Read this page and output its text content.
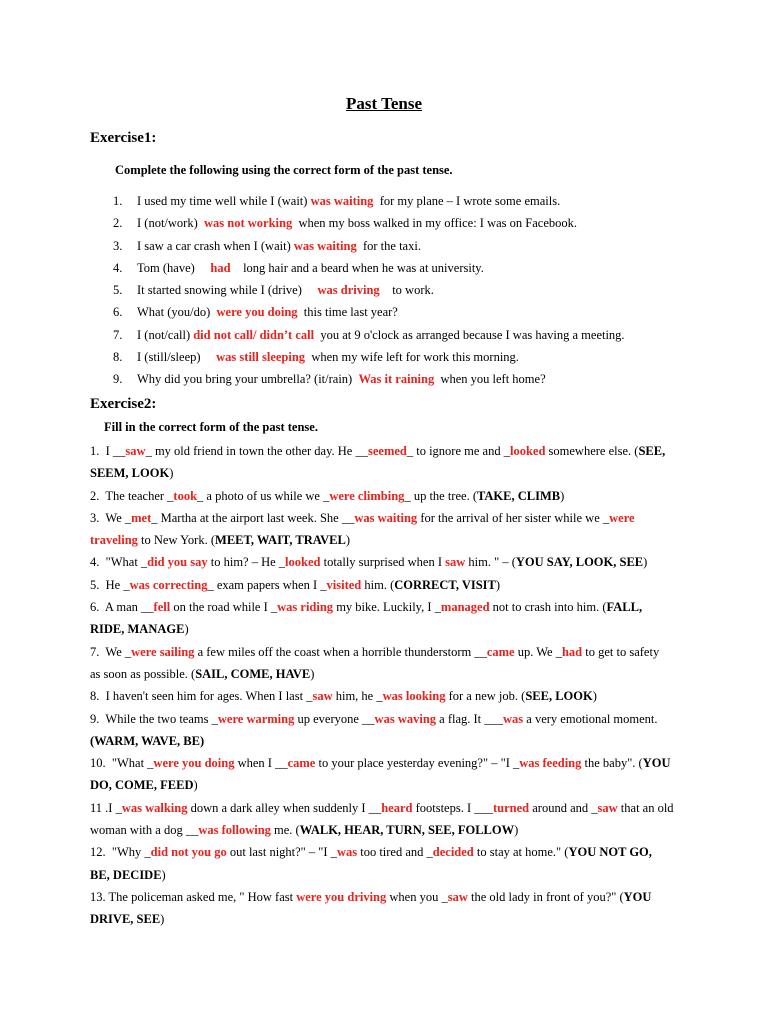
Past Tense
Exercise1:
Complete the following using the correct form of the past tense.
1. I used my time well while I (wait) was waiting  for my plane – I wrote some emails.
2. I (not/work)  was not working  when my boss walked in my office: I was on Facebook.
3. I saw a car crash when I (wait) was waiting  for the taxi.
4. Tom (have)     had    long hair and a beard when he was at university.
5. It started snowing while I (drive)     was driving    to work.
6. What (you/do)  were you doing  this time last year?
7. I (not/call) did not call/ didn’t call  you at 9 o'clock as arranged because I was having a meeting.
8. I (still/sleep)     was still sleeping  when my wife left for work this morning.
9. Why did you bring your umbrella? (it/rain)  Was it raining  when you left home?
Exercise2:
Fill in the correct form of the past tense.

1.  I __saw_ my old friend in town the other day. He __seemed_ to ignore me and _looked somewhere else. (SEE,

SEEM, LOOK)

2.  The teacher _took_ a photo of us while we _were climbing_ up the tree. (TAKE, CLIMB)

3.  We _met_ Martha at the airport last week. She __was waiting for the arrival of her sister while we _were

traveling to New York. (MEET, WAIT, TRAVEL)

4.  "What _did you say to him? – He _looked totally surprised when I saw him. " – (YOU SAY, LOOK, SEE)

5.  He _was correcting_ exam papers when I _visited him. (CORRECT, VISIT)

6.  A man __fell on the road while I _was riding my bike. Luckily, I _managed not to crash into him. (FALL,

RIDE, MANAGE)

7.  We _were sailing a few miles off the coast when a horrible thunderstorm __came up. We _had to get to safety

as soon as possible. (SAIL, COME, HAVE)

8.  I haven't seen him for ages. When I last _saw him, he _was looking for a new job. (SEE, LOOK)

9.  While the two teams _were warming up everyone __was waving a flag. It ___was a very emotional moment.

(WARM, WAVE, BE)

10.  "What _were you doing when I __came to your place yesterday evening?" – "I _was feeding the baby". (YOU

DO, COME, FEED)

11 .I _was walking down a dark alley when suddenly I __heard footsteps. I ___turned around and _saw that an old

woman with a dog __was following me. (WALK, HEAR, TURN, SEE, FOLLOW)

12.  "Why _did not you go out last night?" – "I _was too tired and _decided to stay at home." (YOU NOT GO,

BE, DECIDE)

13. The policeman asked me, " How fast were you driving when you _saw the old lady in front of you?" (YOU

DRIVE, SEE)
